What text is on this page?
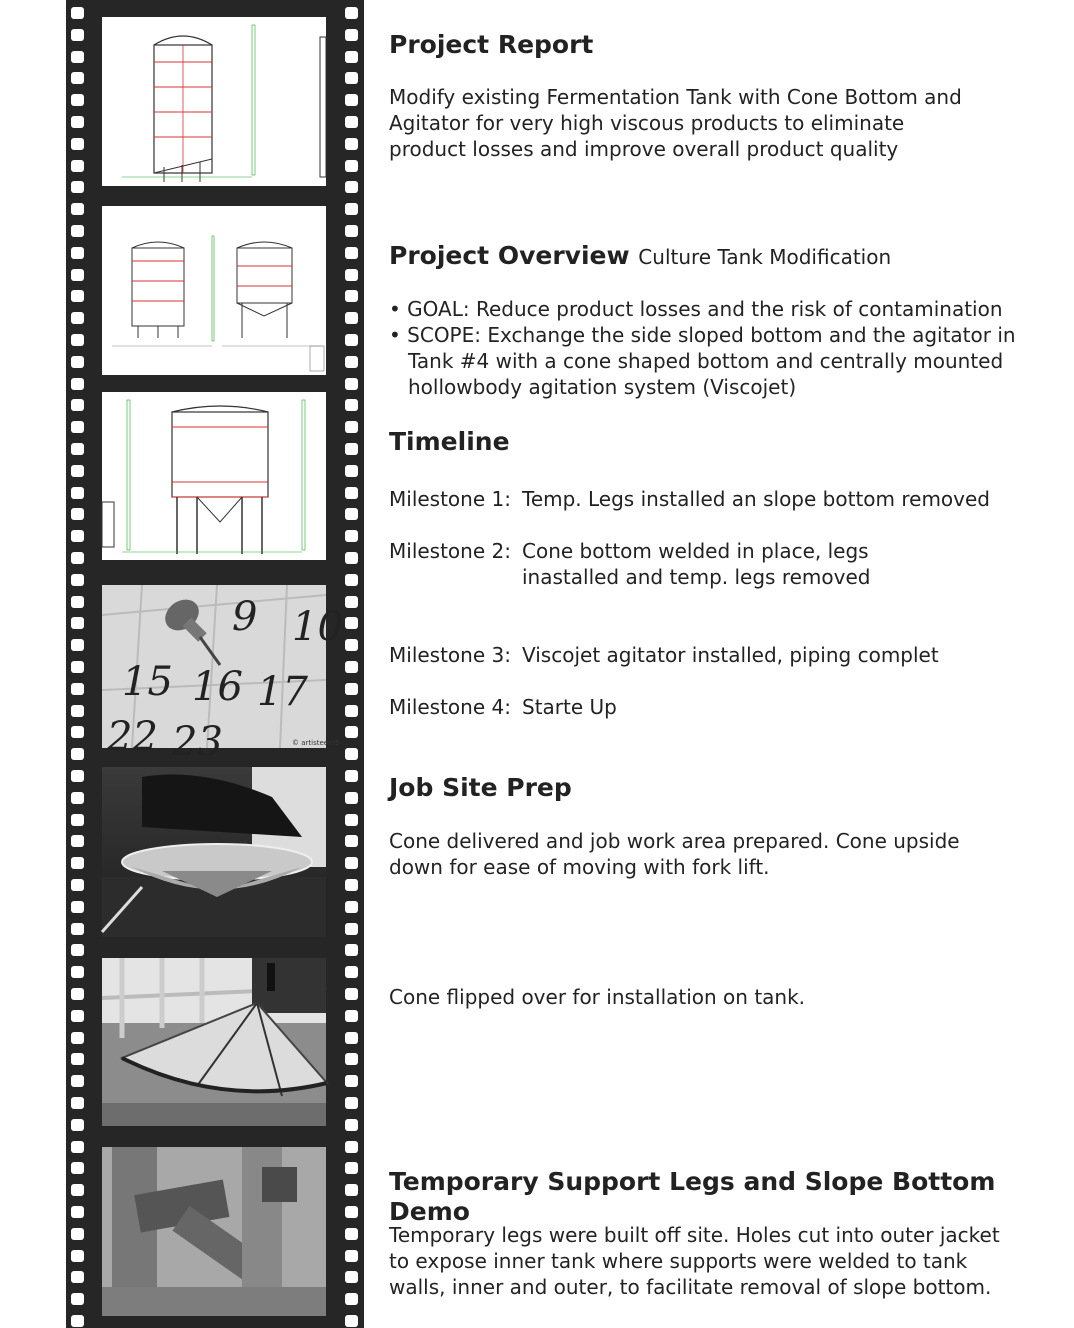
9 10
15 16 17
22 23	© artisteer/i5
Project Report
Modify existing Fermentation Tank with Cone Bottom and Agitator for very high viscous products to eliminate product losses and improve overall product quality
Project Overview Culture Tank Modification
• GOAL: Reduce product losses and the risk of contamination
• SCOPE: Exchange the side sloped bottom and the agitator in Tank #4 with a cone shaped bottom and centrally mounted hollowbody agitation system (Viscojet)
Timeline
Milestone 1: Temp. Legs installed an slope bottom removed
Milestone 2: Cone bottom welded in place, legs inastalled and temp. legs removed
Milestone 3: Viscojet agitator installed, piping complet
Milestone 4: Starte Up
Job Site Prep
Cone delivered and job work area prepared. Cone upside down for ease of moving with fork lift.
Cone flipped over for installation on tank.
Temporary Support Legs and Slope Bottom Demo
Temporary legs were built off site. Holes cut into outer jacket to expose inner tank where supports were welded to tank walls, inner and outer, to facilitate removal of slope bottom.
